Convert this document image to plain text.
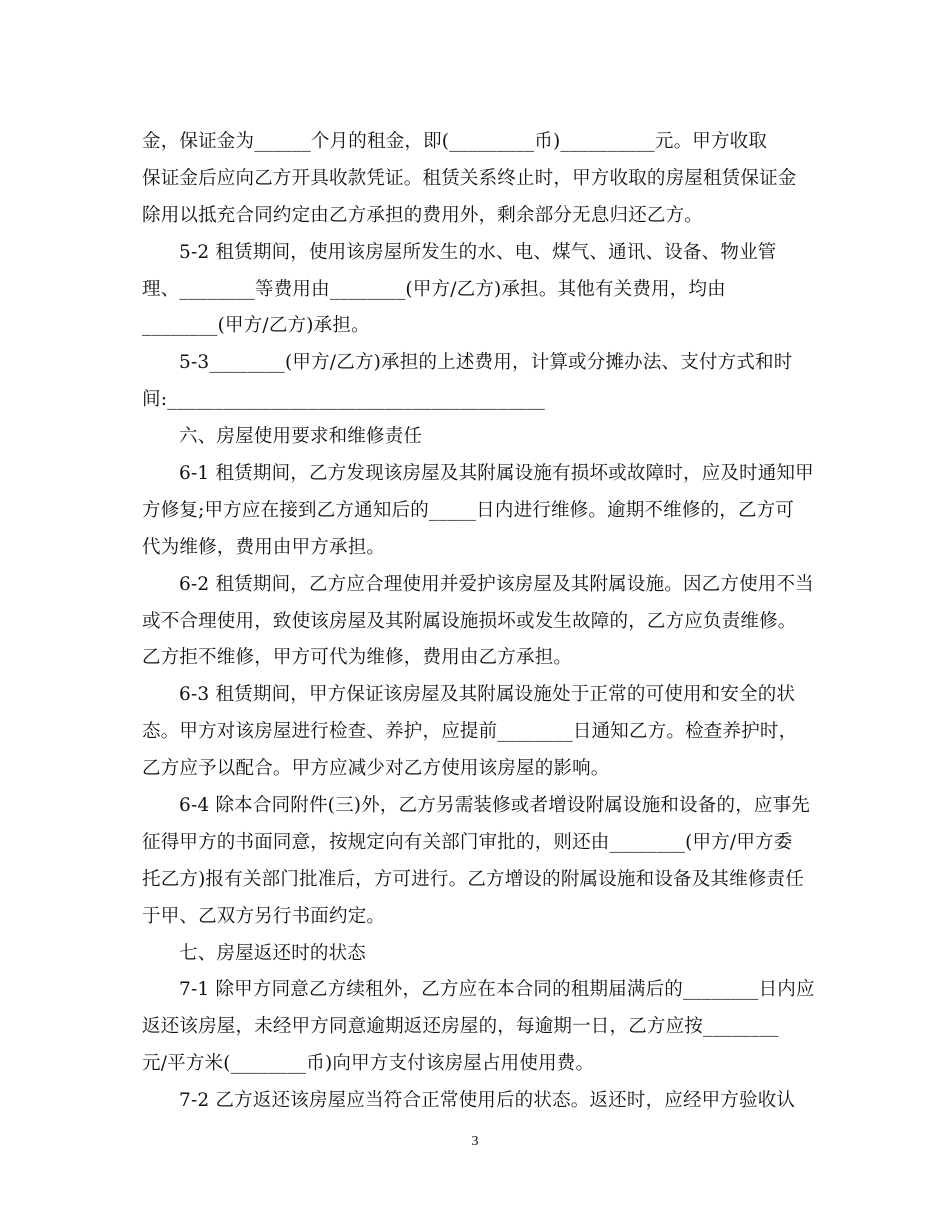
金，保证金为______个月的租金，即(_________币)__________元。甲方收取
保证金后应向乙方开具收款凭证。租赁关系终止时，甲方收取的房屋租赁保证金
除用以抵充合同约定由乙方承担的费用外，剩余部分无息归还乙方。
5-2 租赁期间，使用该房屋所发生的水、电、煤气、通讯、设备、物业管
理、________等费用由________(甲方/乙方)承担。其他有关费用，均由
________(甲方/乙方)承担。
5-3________(甲方/乙方)承担的上述费用，计算或分摊办法、支付方式和时
间:________________________________________
六、房屋使用要求和维修责任
6-1 租赁期间，乙方发现该房屋及其附属设施有损坏或故障时，应及时通知甲
方修复;甲方应在接到乙方通知后的_____日内进行维修。逾期不维修的，乙方可
代为维修，费用由甲方承担。
6-2 租赁期间，乙方应合理使用并爱护该房屋及其附属设施。因乙方使用不当
或不合理使用，致使该房屋及其附属设施损坏或发生故障的，乙方应负责维修。
乙方拒不维修，甲方可代为维修，费用由乙方承担。
6-3 租赁期间，甲方保证该房屋及其附属设施处于正常的可使用和安全的状
态。甲方对该房屋进行检查、养护，应提前________日通知乙方。检查养护时，
乙方应予以配合。甲方应减少对乙方使用该房屋的影响。
6-4 除本合同附件(三)外，乙方另需装修或者增设附属设施和设备的，应事先
征得甲方的书面同意，按规定向有关部门审批的，则还由________(甲方/甲方委
托乙方)报有关部门批准后，方可进行。乙方增设的附属设施和设备及其维修责任
于甲、乙双方另行书面约定。
七、房屋返还时的状态
7-1 除甲方同意乙方续租外，乙方应在本合同的租期届满后的________日内应
返还该房屋，未经甲方同意逾期返还房屋的，每逾期一日，乙方应按________
元/平方米(________币)向甲方支付该房屋占用使用费。
7-2 乙方返还该房屋应当符合正常使用后的状态。返还时，应经甲方验收认
3
